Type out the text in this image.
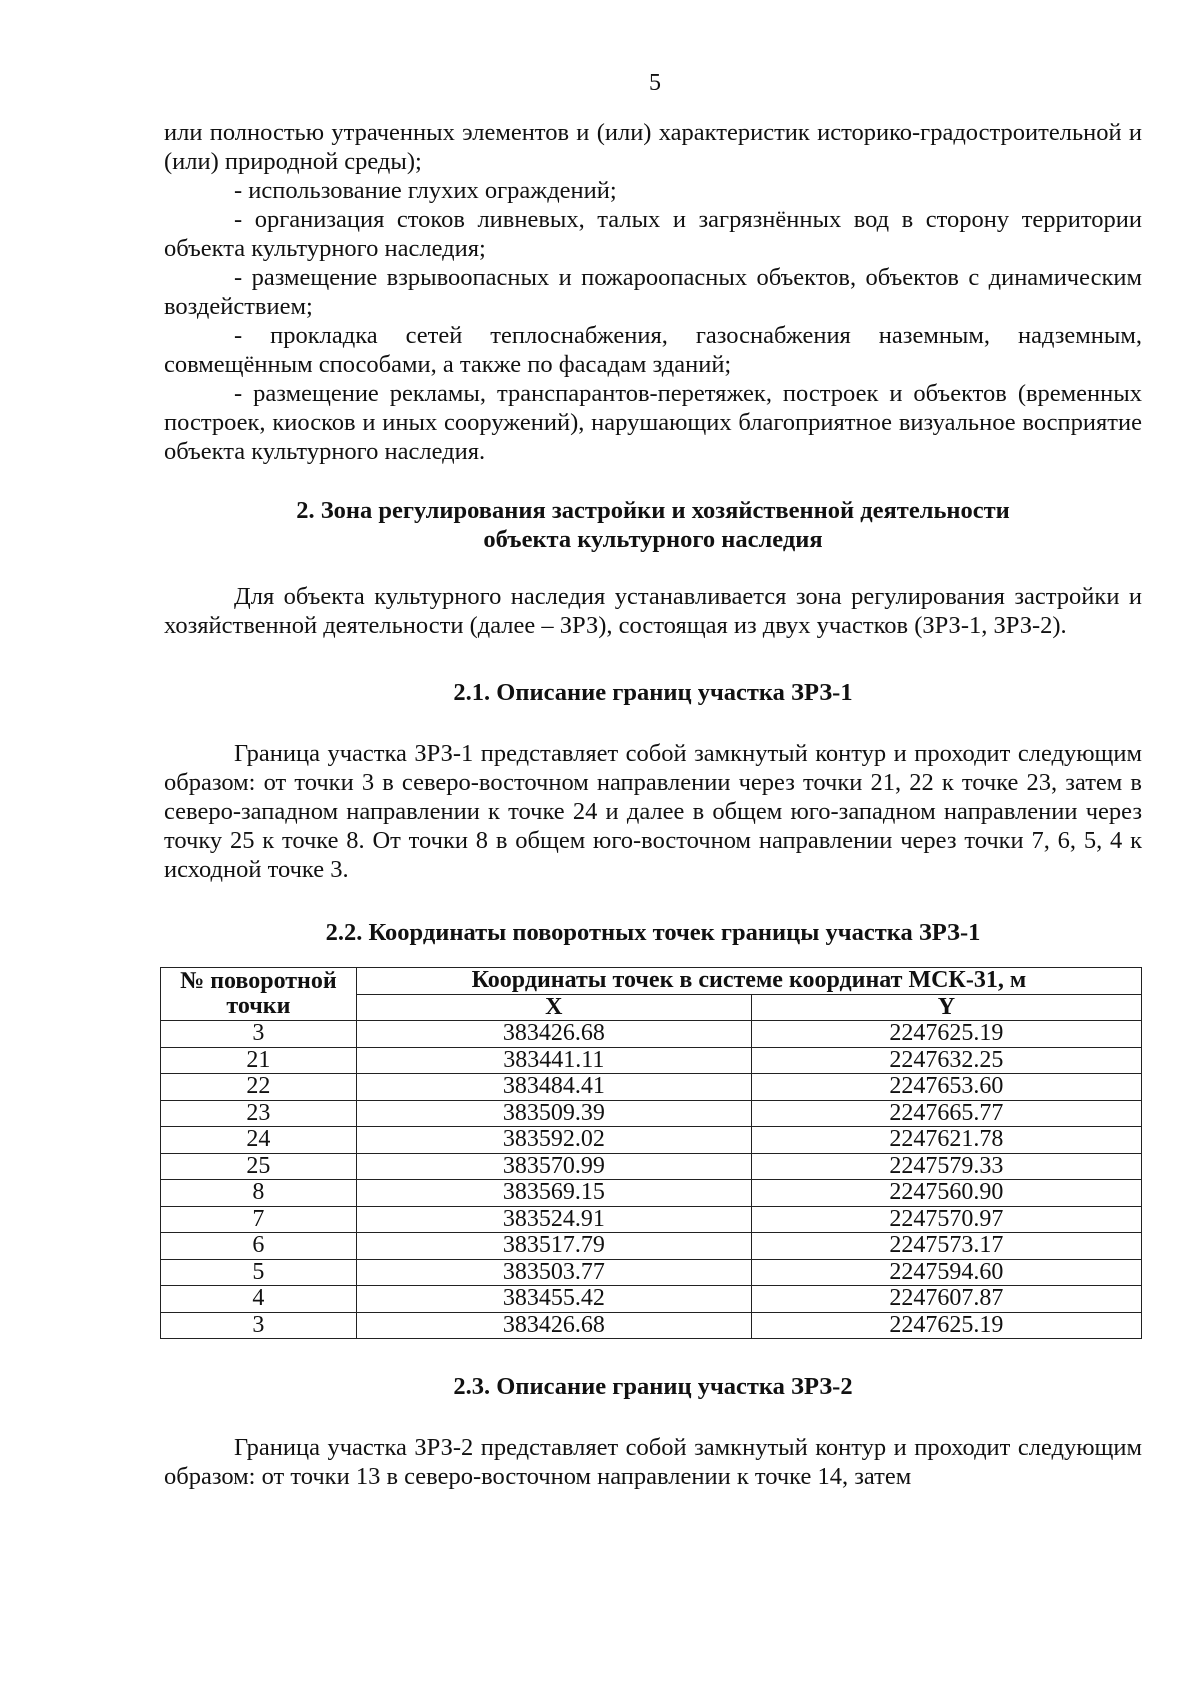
5
или полностью утраченных элементов и (или) характеристик историко-градостроительной и (или) природной среды);
- использование глухих ограждений;
- организация стоков ливневых, талых и загрязнённых вод в сторону территории объекта культурного наследия;
- размещение взрывоопасных и пожароопасных объектов, объектов с динамическим воздействием;
- прокладка сетей теплоснабжения, газоснабжения наземным, надземным, совмещённым способами, а также по фасадам зданий;
- размещение рекламы, транспарантов-перетяжек, построек и объектов (временных построек, киосков и иных сооружений), нарушающих благоприятное визуальное восприятие объекта культурного наследия.
2. Зона регулирования застройки и хозяйственной деятельности
объекта культурного наследия

Для объекта культурного наследия устанавливается зона регулирования застройки и хозяйственной деятельности (далее – ЗРЗ), состоящая из двух участков (ЗРЗ-1, ЗРЗ-2).

2.1. Описание границ участка ЗРЗ-1

Граница участка ЗРЗ-1 представляет собой замкнутый контур и проходит следующим образом: от точки 3 в северо-восточном направлении через точки 21, 22 к точке 23, затем в северо-западном направлении к точке 24 и далее в общем юго-западном направлении через точку 25 к точке 8. От точки 8 в общем юго-восточном направлении через точки 7, 6, 5, 4 к исходной точке 3.

2.2. Координаты поворотных точек границы участка ЗРЗ-1
№ поворотной точки	Координаты точек в системе координат МСК-31, м	
	X	Y
3	383426.68	2247625.19
21	383441.11	2247632.25
22	383484.41	2247653.60
23	383509.39	2247665.77
24	383592.02	2247621.78
25	383570.99	2247579.33
8	383569.15	2247560.90
7	383524.91	2247570.97
6	383517.79	2247573.17
5	383503.77	2247594.60
4	383455.42	2247607.87
3	383426.68	2247625.19
2.3. Описание границ участка ЗРЗ-2

Граница участка ЗРЗ-2 представляет собой замкнутый контур и проходит следующим образом: от точки 13 в северо-восточном направлении к точке 14, затем
